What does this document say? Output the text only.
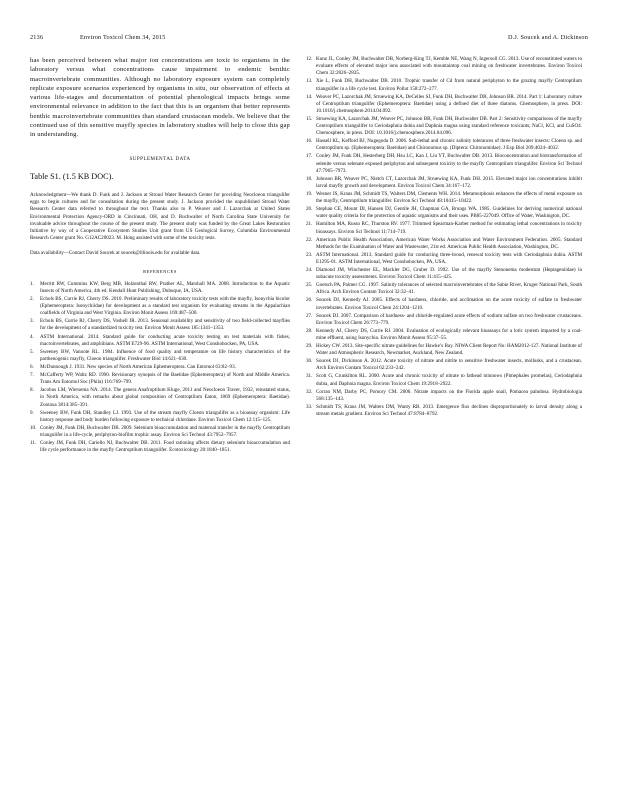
2136	Environ Toxicol Chem 34, 2015	D.J. Soucek and A. Dickinson

has been perceived between what major ion concentrations are toxic to organisms in the laboratory versus what concentrations cause impairment to endemic benthic macroinvertebrate communities. Although no laboratory exposure system can completely replicate exposure scenarios experienced by organisms in situ, our observation of effects at various life-stages and documentation of potential phenological impacts brings some environmental relevance in addition to the fact that this is an organism that better represents benthic macroinvertebrate communities than standard crustacean models. We believe that the continued use of this sensitive mayfly species in laboratory studies will help to close this gap in understanding.

SUPPLEMENTAL DATA
Table S1. (1.5 KB DOC).

Acknowledgment—We thank D. Funk and J. Jackson at Stroud Water Research Center for providing Neocloeon triangulifer eggs to begin cultures and for consultation during the present study. J. Jackson provided the unpublished Stroud Water Research Center data referred to throughout the text. Thanks also to P. Weaver and J. Lazorchak at United States Environmental Protection Agency-ORD in Cincinnati, OH, and D. Buchwalter of North Carolina State University for invaluable advice throughout the course of the present study. The present study was funded by the Great Lakes Restoration Initiative by way of a Cooperative Ecosystem Studies Unit grant from US Geological Survey, Columbia Environmental Research Center grant No. G12AC20023. M. Hong assisted with some of the toxicity tests.

Data availability—Contact David Soucek at soucek@illinois.edu for available data.

REFERENCES
1. Merritt RW, Cummins KW, Berg MB, Holzenthal RW, Prather AL, Marshall MA. 2008. Introduction to the Aquatic Insects of North America, 4th ed. Kendall Hunt Publishing, Dubuque, IA, USA.
2. Echols BS, Currie RJ, Cherry DS. 2010. Preliminary results of laboratory toxicity tests with the mayfly, Isonychia bicolor (Ephemeroptera: Isonychiidae) for development as a standard test organism for evaluating streams in the Appalachian coalfields of Virginia and West Virginia. Environ Monit Assess 169:487–500.
3. Echols BS, Currie RJ, Cherry DS, Voshell JR. 2013. Seasonal availability and sensitivity of two field-collected mayflies for the development of a standardized toxicity test. Environ Monit Assess 185:1341–1353.
4. ASTM International. 2014. Standard guide for conducting acute toxicity testing on test materials with fishes, macroinvertebrates, and amphibians. ASTM E729-96. ASTM International, West Conshohocken, PA, USA.
5. Sweeney BW, Vannote RL. 1984. Influence of food quality and temperature on life history characteristics of the parthenogenic mayfly, Cloeon triangulifer. Freshwater Biol 14:621–630.
6. McDunnough J. 1931. New species of North American Ephemeroptera. Can Entomol 63:82–93.
7. McCafferty WP, Waltz RD. 1990. Revisionary synopsis of the Baetidae (Ephemeroptera) of North and Middle America. Trans Am Entomol Soc (Phila) 116:769–799.
8. Jacobus LM, Wiersema NA. 2014. The genera Anafroptilum Kluge, 2011 and Neocloeon Traver, 1932, reinstated status, in North America, with remarks about global composition of Centroptilum Eaton, 1869 (Ephemeroptera: Baetidae). Zootaxa 3814:385–391.
9. Sweeney BW, Funk DH, Standley LJ. 1993. Use of the stream mayfly Cloeon triangulifer as a bioassay organism: Life history response and body burden following exposure to technical chlordane. Environ Toxicol Chem 12:115–125.
10. Conley JM, Funk DH, Buchwalter DB. 2009. Selenium bioaccumulation and maternal transfer in the mayfly Centroptilum triangulifer in a life-cycle, periphyton-biofilm trophic assay. Environ Sci Technol 43:7952–7957.
11. Conley JM, Funk DH, Cariello NJ, Buchwalter DB. 2011. Food rationing affects dietary selenium bioaccumulation and life cycle performance in the mayfly Centroptilum triangulifer. Ecotoxicology 20:1840–1851.
12. Kunz JL, Conley JM, Buchwalter DB, Norberg-King TJ, Kemble NE, Wang N, Ingersoll CG. 2013. Use of reconstituted waters to evaluate effects of elevated major ions associated with mountaintop coal mining on freshwater invertebrates. Environ Toxicol Chem 32:2826–2835.
13. Xie L, Funk DH, Buchwalter DB. 2010. Trophic transfer of Cd from natural periphyton to the grazing mayfly Centroptilum triangulifer in a life cycle test. Environ Pollut 158:272–277.
14. Weaver PC, Lazorchak JM, Struewing KA, DeCelles SJ, Funk DH, Buchwalter DB, Johnson BR. 2014. Part 1: Laboratory culture of Centroptilum triangulifer (Ephemeroptera: Baetidae) using a defined diet of three diatoms. Chemosphere, in press. DOI: 10.1016/j.chemosphere.2014.04.092.
15. Struewing KA, Lazorchak JM, Weaver PC, Johnson BR, Funk DH, Buchwalter DB. Part 2: Sensitivity comparisons of the mayfly Centroptilum triangulifer to Ceriodaphnia dubia and Daphnia magna using standard reference toxicants; NaCl, KCl, and CuSO4. Chemosphere, in press. DOI: 10.1016/j.chemosphere.2014.04.096.
16. Hassell KL, Kefford BJ, Nugegoda D. 2006. Sub-lethal and chronic salinity tolerances of three freshwater insects: Cloeon sp. and Centroptilum sp. (Ephemeroptera: Baetidae) and Chironomus sp. (Diptera: Chironomidae). J Exp Biol 209:4024–4032.
17. Conley JM, Funk DH, Hesterberg DH, Hsu LC, Kan J, Liu YT, Buchwalter DB. 2013. Bioconcentration and biotransformation of selenite versus selenate exposed periphyton and subsequent toxicity to the mayfly Centroptilum triangulifer. Environ Sci Technol 47:7965–7973.
18. Johnson BR, Weaver PC, Nietch CT, Lazorchak JM, Struewing KA, Funk DH. 2015. Elevated major ion concentrations inhibit larval mayfly growth and development. Environ Toxicol Chem 34:167–172.
19. Wesner JS, Kraus JM, Schmidt TS, Walters DM, Clements WH. 2014. Metamorphosis enhances the effects of metal exposure on the mayfly, Centroptilum triangulifer. Environ Sci Technol 48:10415–10422.
20. Stephan CE, Mount DI, Hansen DJ, Gentile JH, Chapman GA, Brungs WA. 1985. Guidelines for deriving numerical national water quality criteria for the protection of aquatic organisms and their uses. PB85-227049. Office of Water, Washington, DC.
21. Hamilton MA, Russo RC, Thurston RV. 1977. Trimmed Spearman-Karber method for estimating lethal concentrations in toxicity bioassays. Environ Sci Technol 11:714–719.
22. American Public Health Association, American Water Works Association and Water Environment Federation. 2005. Standard Methods for the Examination of Water and Wastewater, 21st ed. American Public Health Association, Washington, DC.
23. ASTM International. 2013. Standard guide for conducting three-brood, renewal toxicity tests with Ceriodaphnia dubia. ASTM E1295-01. ASTM International, West Conshohocken, PA, USA.
24. Diamond JM, Winchester EL, Mackler DG, Gruber D. 1992. Use of the mayfly Stenonema modestum (Heptageniidae) in subacute toxicity assessments. Environ Toxicol Chem 11:415–425.
25. Goetsch PA, Palmer CG. 1997. Salinity tolerances of selected macroinvertebrates of the Sabie River, Kruger National Park, South Africa. Arch Environ Contam Toxicol 32:32–41.
26. Soucek DJ, Kennedy AJ. 2005. Effects of hardness, chloride, and acclimation on the acute toxicity of sulfate to freshwater invertebrates. Environ Toxicol Chem 24:1204–1210.
27. Soucek DJ. 2007. Comparison of hardness- and chloride-regulated acute effects of sodium sulfate on two freshwater crustaceans. Environ Toxicol Chem 26:773–779.
28. Kennedy AJ, Cherry DS, Currie RJ. 2004. Evaluation of ecologically relevant bioassays for a lotic system impacted by a coal-mine effluent, using Isonychia. Environ Monit Assess 95:37–55.
29. Hickey CW. 2013. Site-specific nitrate guidelines for Hawke’s Bay. NIWA Client Report No: HAM2012-127. National Institute of Water and Atmospheric Research, Newmarket, Auckland, New Zealand.
30. Soucek DJ, Dickinson A. 2012. Acute toxicity of nitrate and nitrite to sensitive freshwater insects, mollusks, and a crustacean. Arch Environ Contam Toxicol 62:233–242.
31. Scott G, Crunkilton RL. 2000. Acute and chronic toxicity of nitrate to fathead minnows (Pimephales promelas), Ceriodaphnia dubia, and Daphnia magna. Environ Toxicol Chem 19:2918–2922.
32. Corrao NM, Darby PC, Pomory CM. 2006. Nitrate impacts on the Florida apple snail, Pomacea paludosa. Hydrobiologia 568:135–143.
33. Schmidt TS, Kraus JM, Walters DM, Wanty RB. 2013. Emergence flux declines disproportionately to larval density along a stream metals gradient. Environ Sci Technol 47:8784–8792.
